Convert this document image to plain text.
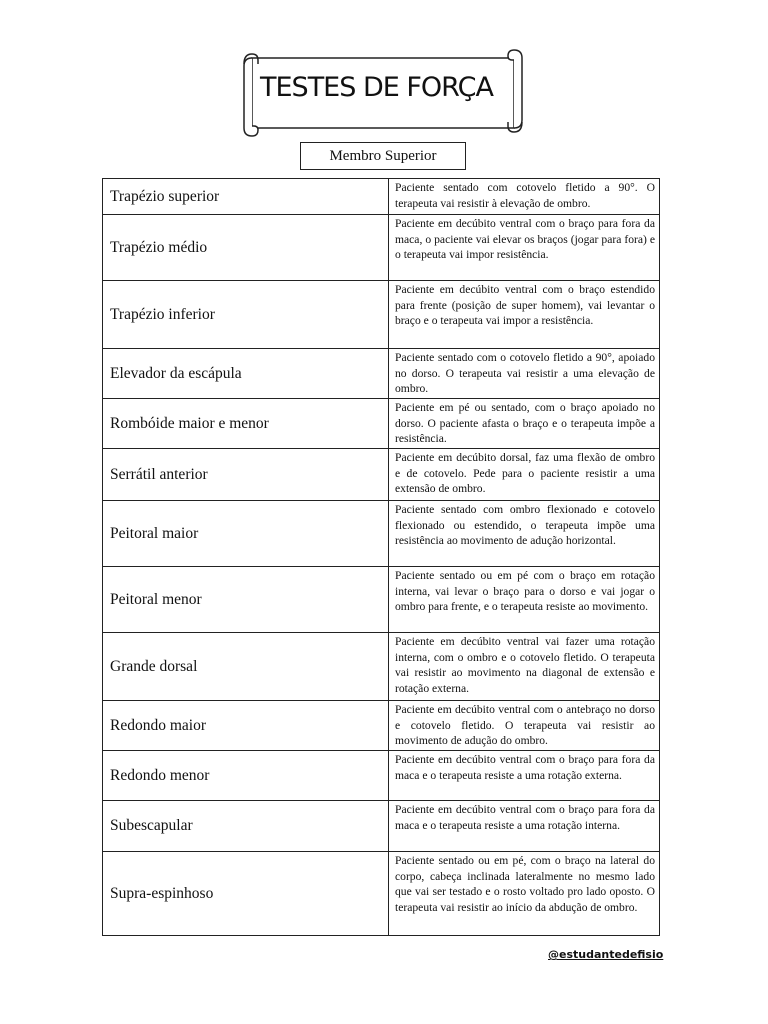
TESTES DE FORÇA
Membro Superior
Trapézio superior	Paciente sentado com cotovelo fletido a 90°. O terapeuta vai resistir à elevação de ombro.
Trapézio médio	Paciente em decúbito ventral com o braço para fora da maca, o paciente vai elevar os braços (jogar para fora) e o terapeuta vai impor resistência.
Trapézio inferior	Paciente em decúbito ventral com o braço estendido para frente (posição de super homem), vai levantar o braço e o terapeuta vai impor a resistência.
Elevador da escápula	Paciente sentado com o cotovelo fletido a 90°, apoiado no dorso. O terapeuta vai resistir a uma elevação de ombro.
Rombóide maior e menor	Paciente em pé ou sentado, com o braço apoiado no dorso. O paciente afasta o braço e o terapeuta impõe a resistência.
Serrátil anterior	Paciente em decúbito dorsal, faz uma flexão de ombro e de cotovelo. Pede para o paciente resistir a uma extensão de ombro.
Peitoral maior	Paciente sentado com ombro flexionado e cotovelo flexionado ou estendido, o terapeuta impõe uma resistência ao movimento de adução horizontal.
Peitoral menor	Paciente sentado ou em pé com o braço em rotação interna, vai levar o braço para o dorso e vai jogar o ombro para frente, e o terapeuta resiste ao movimento.
Grande dorsal	Paciente em decúbito ventral vai fazer uma rotação interna, com o ombro e o cotovelo fletido. O terapeuta vai resistir ao movimento na diagonal de extensão e rotação externa.
Redondo maior	Paciente em decúbito ventral com o antebraço no dorso e cotovelo fletido. O terapeuta vai resistir ao movimento de adução do ombro.
Redondo menor	Paciente em decúbito ventral com o braço para fora da maca e o terapeuta resiste a uma rotação externa.
Subescapular	Paciente em decúbito ventral com o braço para fora da maca e o terapeuta resiste a uma rotação interna.
Supra-espinhoso	Paciente sentado ou em pé, com o braço na lateral do corpo, cabeça inclinada lateralmente no mesmo lado que vai ser testado e o rosto voltado pro lado oposto. O terapeuta vai resistir ao início da abdução de ombro.
@estudantedefisio
